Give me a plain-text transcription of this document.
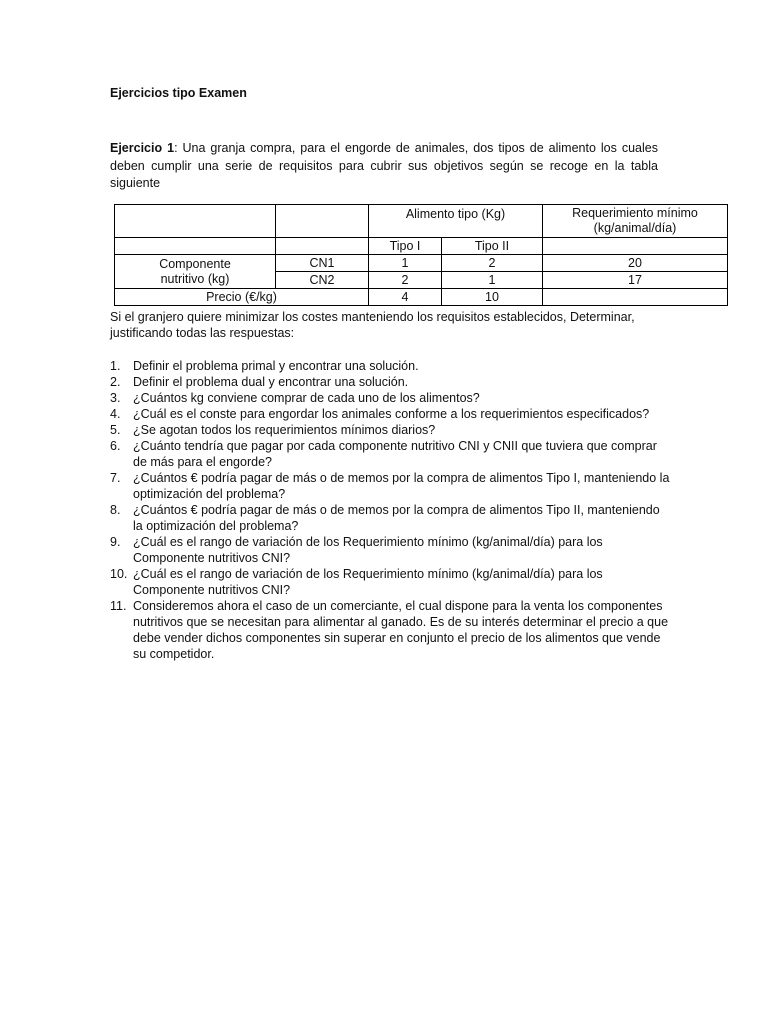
Ejercicios tipo Examen
Ejercicio 1: Una granja compra, para el engorde de animales, dos tipos de alimento los cuales deben cumplir una serie de requisitos para cubrir sus objetivos según se recoge en la tabla siguiente
		Alimento tipo (Kg)		Requerimiento mínimo (kg/animal/día)
		Tipo I	Tipo II	
Componente nutritivo (kg)	CN1	1	2	20
	CN2	2	1	17
Precio (€/kg)		4	10	
Si el granjero quiere minimizar los costes manteniendo los requisitos establecidos, Determinar, justificando todas las respuestas:
1. Definir el problema primal y encontrar una solución.
2. Definir el problema dual y encontrar una solución.
3. ¿Cuántos kg conviene comprar de cada uno de los alimentos?
4. ¿Cuál es el conste para engordar los animales conforme a los requerimientos especificados?
5. ¿Se agotan todos los requerimientos mínimos diarios?
6. ¿Cuánto tendría que pagar por cada componente nutritivo CNI y CNII que tuviera que comprar de más para el engorde?
7. ¿Cuántos € podría pagar de más o de memos por la compra de alimentos Tipo I, manteniendo la optimización del problema?
8. ¿Cuántos € podría pagar de más o de memos por la compra de alimentos Tipo II, manteniendo la optimización del problema?
9. ¿Cuál es el rango de variación de los Requerimiento mínimo (kg/animal/día) para los Componente nutritivos CNI?
10. ¿Cuál es el rango de variación de los Requerimiento mínimo (kg/animal/día) para los Componente nutritivos CNI?
11. Consideremos ahora el caso de un comerciante, el cual dispone para la venta los componentes nutritivos que se necesitan para alimentar al ganado. Es de su interés determinar el precio a que debe vender dichos componentes sin superar en conjunto el precio de los alimentos que vende su competidor.
